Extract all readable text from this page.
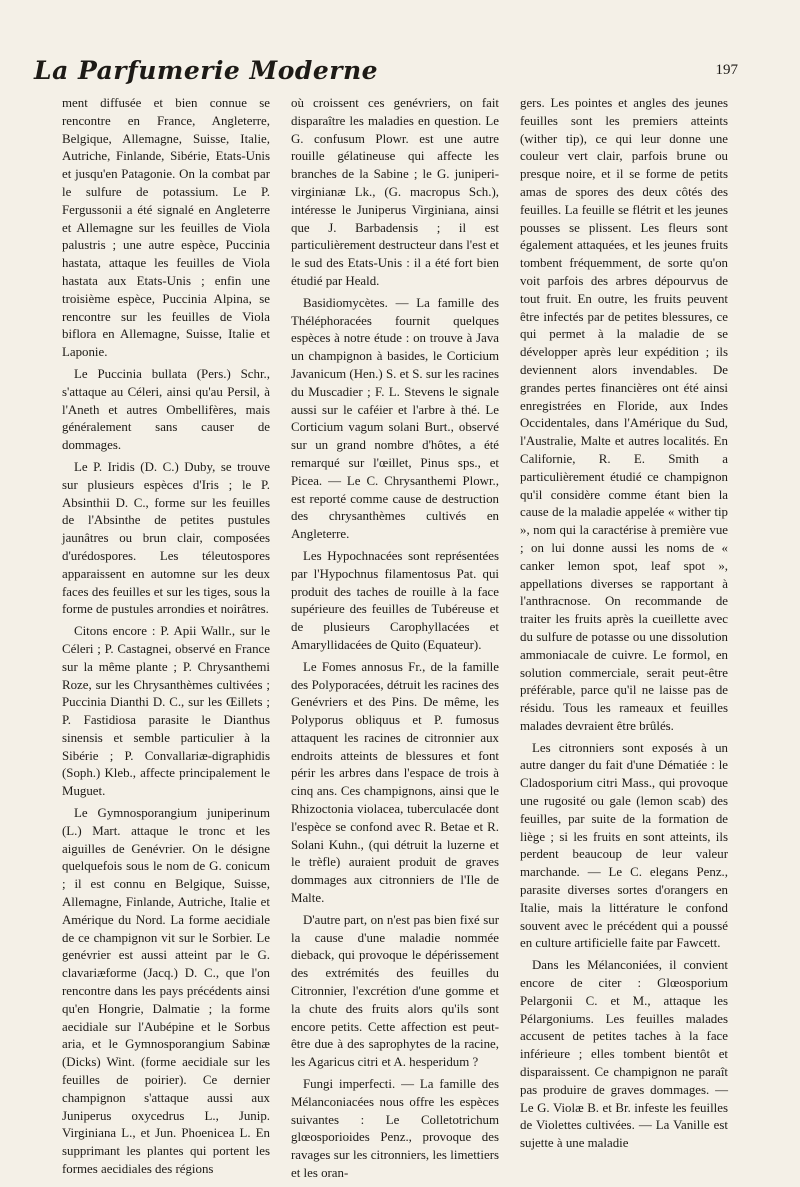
La Parfumerie Moderne	197

ment diffusée et bien connue se rencontre en France, Angleterre, Belgique, Allemagne, Suisse, Italie, Autriche, Finlande, Sibérie, Etats-Unis et jusqu'en Patagonie. On la combat par le sulfure de potassium. Le P. Fergussonii a été signalé en Angleterre et Allemagne sur les feuilles de Viola palustris ; une autre espèce, Puccinia hastata, attaque les feuilles de Viola hastata aux Etats-Unis ; enfin une troisième espèce, Puccinia Alpina, se rencontre sur les feuilles de Viola biflora en Allemagne, Suisse, Italie et Laponie.

Le Puccinia bullata (Pers.) Schr., s'attaque au Céleri, ainsi qu'au Persil, à l'Aneth et autres Ombellifères, mais généralement sans causer de dommages.

Le P. Iridis (D. C.) Duby, se trouve sur plusieurs espèces d'Iris ; le P. Absinthii D. C., forme sur les feuilles de l'Absinthe de petites pustules jaunâtres ou brun clair, composées d'urédospores. Les téleutospores apparaissent en automne sur les deux faces des feuilles et sur les tiges, sous la forme de pustules arrondies et noirâtres.

Citons encore : P. Apii Wallr., sur le Céleri ; P. Castagnei, observé en France sur la même plante ; P. Chrysanthemi Roze, sur les Chrysanthèmes cultivées ; Puccinia Dianthi D. C., sur les Œillets ; P. Fastidiosa parasite le Dianthus sinensis et semble particulier à la Sibérie ; P. Convallariæ-digraphidis (Soph.) Kleb., affecte principalement le Muguet.

Le Gymnosporangium juniperinum (L.) Mart. attaque le tronc et les aiguilles de Genévrier. On le désigne quelquefois sous le nom de G. conicum ; il est connu en Belgique, Suisse, Allemagne, Finlande, Autriche, Italie et Amérique du Nord. La forme aecidiale de ce champignon vit sur le Sorbier. Le genévrier est aussi atteint par le G. clavariæforme (Jacq.) D. C., que l'on rencontre dans les pays précédents ainsi qu'en Hongrie, Dalmatie ; la forme aecidiale sur l'Aubépine et le Sorbus aria, et le Gymnosporangium Sabinæ (Dicks) Wint. (forme aecidiale sur les feuilles de poirier). Ce dernier champignon s'attaque aussi aux Juniperus oxycedrus L., Junip. Virginiana L., et Jun. Phoenicea L. En supprimant les plantes qui portent les formes aecidiales des régions

où croissent ces genévriers, on fait disparaître les maladies en question. Le G. confusum Plowr. est une autre rouille gélatineuse qui affecte les branches de la Sabine ; le G. juniperi-virginianæ Lk., (G. macropus Sch.), intéresse le Juniperus Virginiana, ainsi que J. Barbadensis ; il est particulièrement destructeur dans l'est et le sud des Etats-Unis : il a été fort bien étudié par Heald.

Basidiomycètes. — La famille des Théléphoracées fournit quelques espèces à notre étude : on trouve à Java un champignon à basides, le Corticium Javanicum (Hen.) S. et S. sur les racines du Muscadier ; F. L. Stevens le signale aussi sur le caféier et l'arbre à thé. Le Corticium vagum solani Burt., observé sur un grand nombre d'hôtes, a été remarqué sur l'œillet, Pinus sps., et Picea. — Le C. Chrysanthemi Plowr., est reporté comme cause de destruction des chrysanthèmes cultivés en Angleterre.

Les Hypochnacées sont représentées par l'Hypochnus filamentosus Pat. qui produit des taches de rouille à la face supérieure des feuilles de Tubéreuse et de plusieurs Carophyllacées et Amaryllidacées de Quito (Equateur).

Le Fomes annosus Fr., de la famille des Polyporacées, détruit les racines des Genévriers et des Pins. De même, les Polyporus obliquus et P. fumosus attaquent les racines de citronnier aux endroits atteints de blessures et font périr les arbres dans l'espace de trois à cinq ans. Ces champignons, ainsi que le Rhizoctonia violacea, tuberculacée dont l'espèce se confond avec R. Betae et R. Solani Kuhn., (qui détruit la luzerne et le trèfle) auraient produit de graves dommages aux citronniers de l'Ile de Malte.

D'autre part, on n'est pas bien fixé sur la cause d'une maladie nommée dieback, qui provoque le dépérissement des extrémités des feuilles du Citronnier, l'excrétion d'une gomme et la chute des fruits alors qu'ils sont encore petits. Cette affection est peut-être due à des saprophytes de la racine, les Agaricus citri et A. hesperidum ?

Fungi imperfecti. — La famille des Mélanconiacées nous offre les espèces suivantes : Le Colletotrichum glœosporioides Penz., provoque des ravages sur les citronniers, les limettiers et les oran-

gers. Les pointes et angles des jeunes feuilles sont les premiers atteints (wither tip), ce qui leur donne une couleur vert clair, parfois brune ou presque noire, et il se forme de petits amas de spores des deux côtés des feuilles. La feuille se flétrit et les jeunes pousses se plissent. Les fleurs sont également attaquées, et les jeunes fruits tombent fréquemment, de sorte qu'on voit parfois des arbres dépourvus de tout fruit. En outre, les fruits peuvent être infectés par de petites blessures, ce qui permet à la maladie de se développer après leur expédition ; ils deviennent alors invendables. De grandes pertes financières ont été ainsi enregistrées en Floride, aux Indes Occidentales, dans l'Amérique du Sud, l'Australie, Malte et autres localités. En Californie, R. E. Smith a particulièrement étudié ce champignon qu'il considère comme étant bien la cause de la maladie appelée « wither tip », nom qui la caractérise à première vue ; on lui donne aussi les noms de « canker lemon spot, leaf spot », appellations diverses se rapportant à l'anthracnose. On recommande de traiter les fruits après la cueillette avec du sulfure de potasse ou une dissolution ammoniacale de cuivre. Le formol, en solution commerciale, serait peut-être préférable, parce qu'il ne laisse pas de résidu. Tous les rameaux et feuilles malades devraient être brûlés.

Les citronniers sont exposés à un autre danger du fait d'une Dématiée : le Cladosporium citri Mass., qui provoque une rugosité ou gale (lemon scab) des feuilles, par suite de la formation de liège ; si les fruits en sont atteints, ils perdent beaucoup de leur valeur marchande. — Le C. elegans Penz., parasite diverses sortes d'orangers en Italie, mais la littérature le confond souvent avec le précédent qui a poussé en culture artificielle faite par Fawcett.

Dans les Mélanconiées, il convient encore de citer : Glœosporium Pelargonii C. et M., attaque les Pélargoniums. Les feuilles malades accusent de petites taches à la face inférieure ; elles tombent bientôt et disparaissent. Ce champignon ne paraît pas produire de graves dommages. — Le G. Violæ B. et Br. infeste les feuilles de Violettes cultivées. — La Vanille est sujette à une maladie
